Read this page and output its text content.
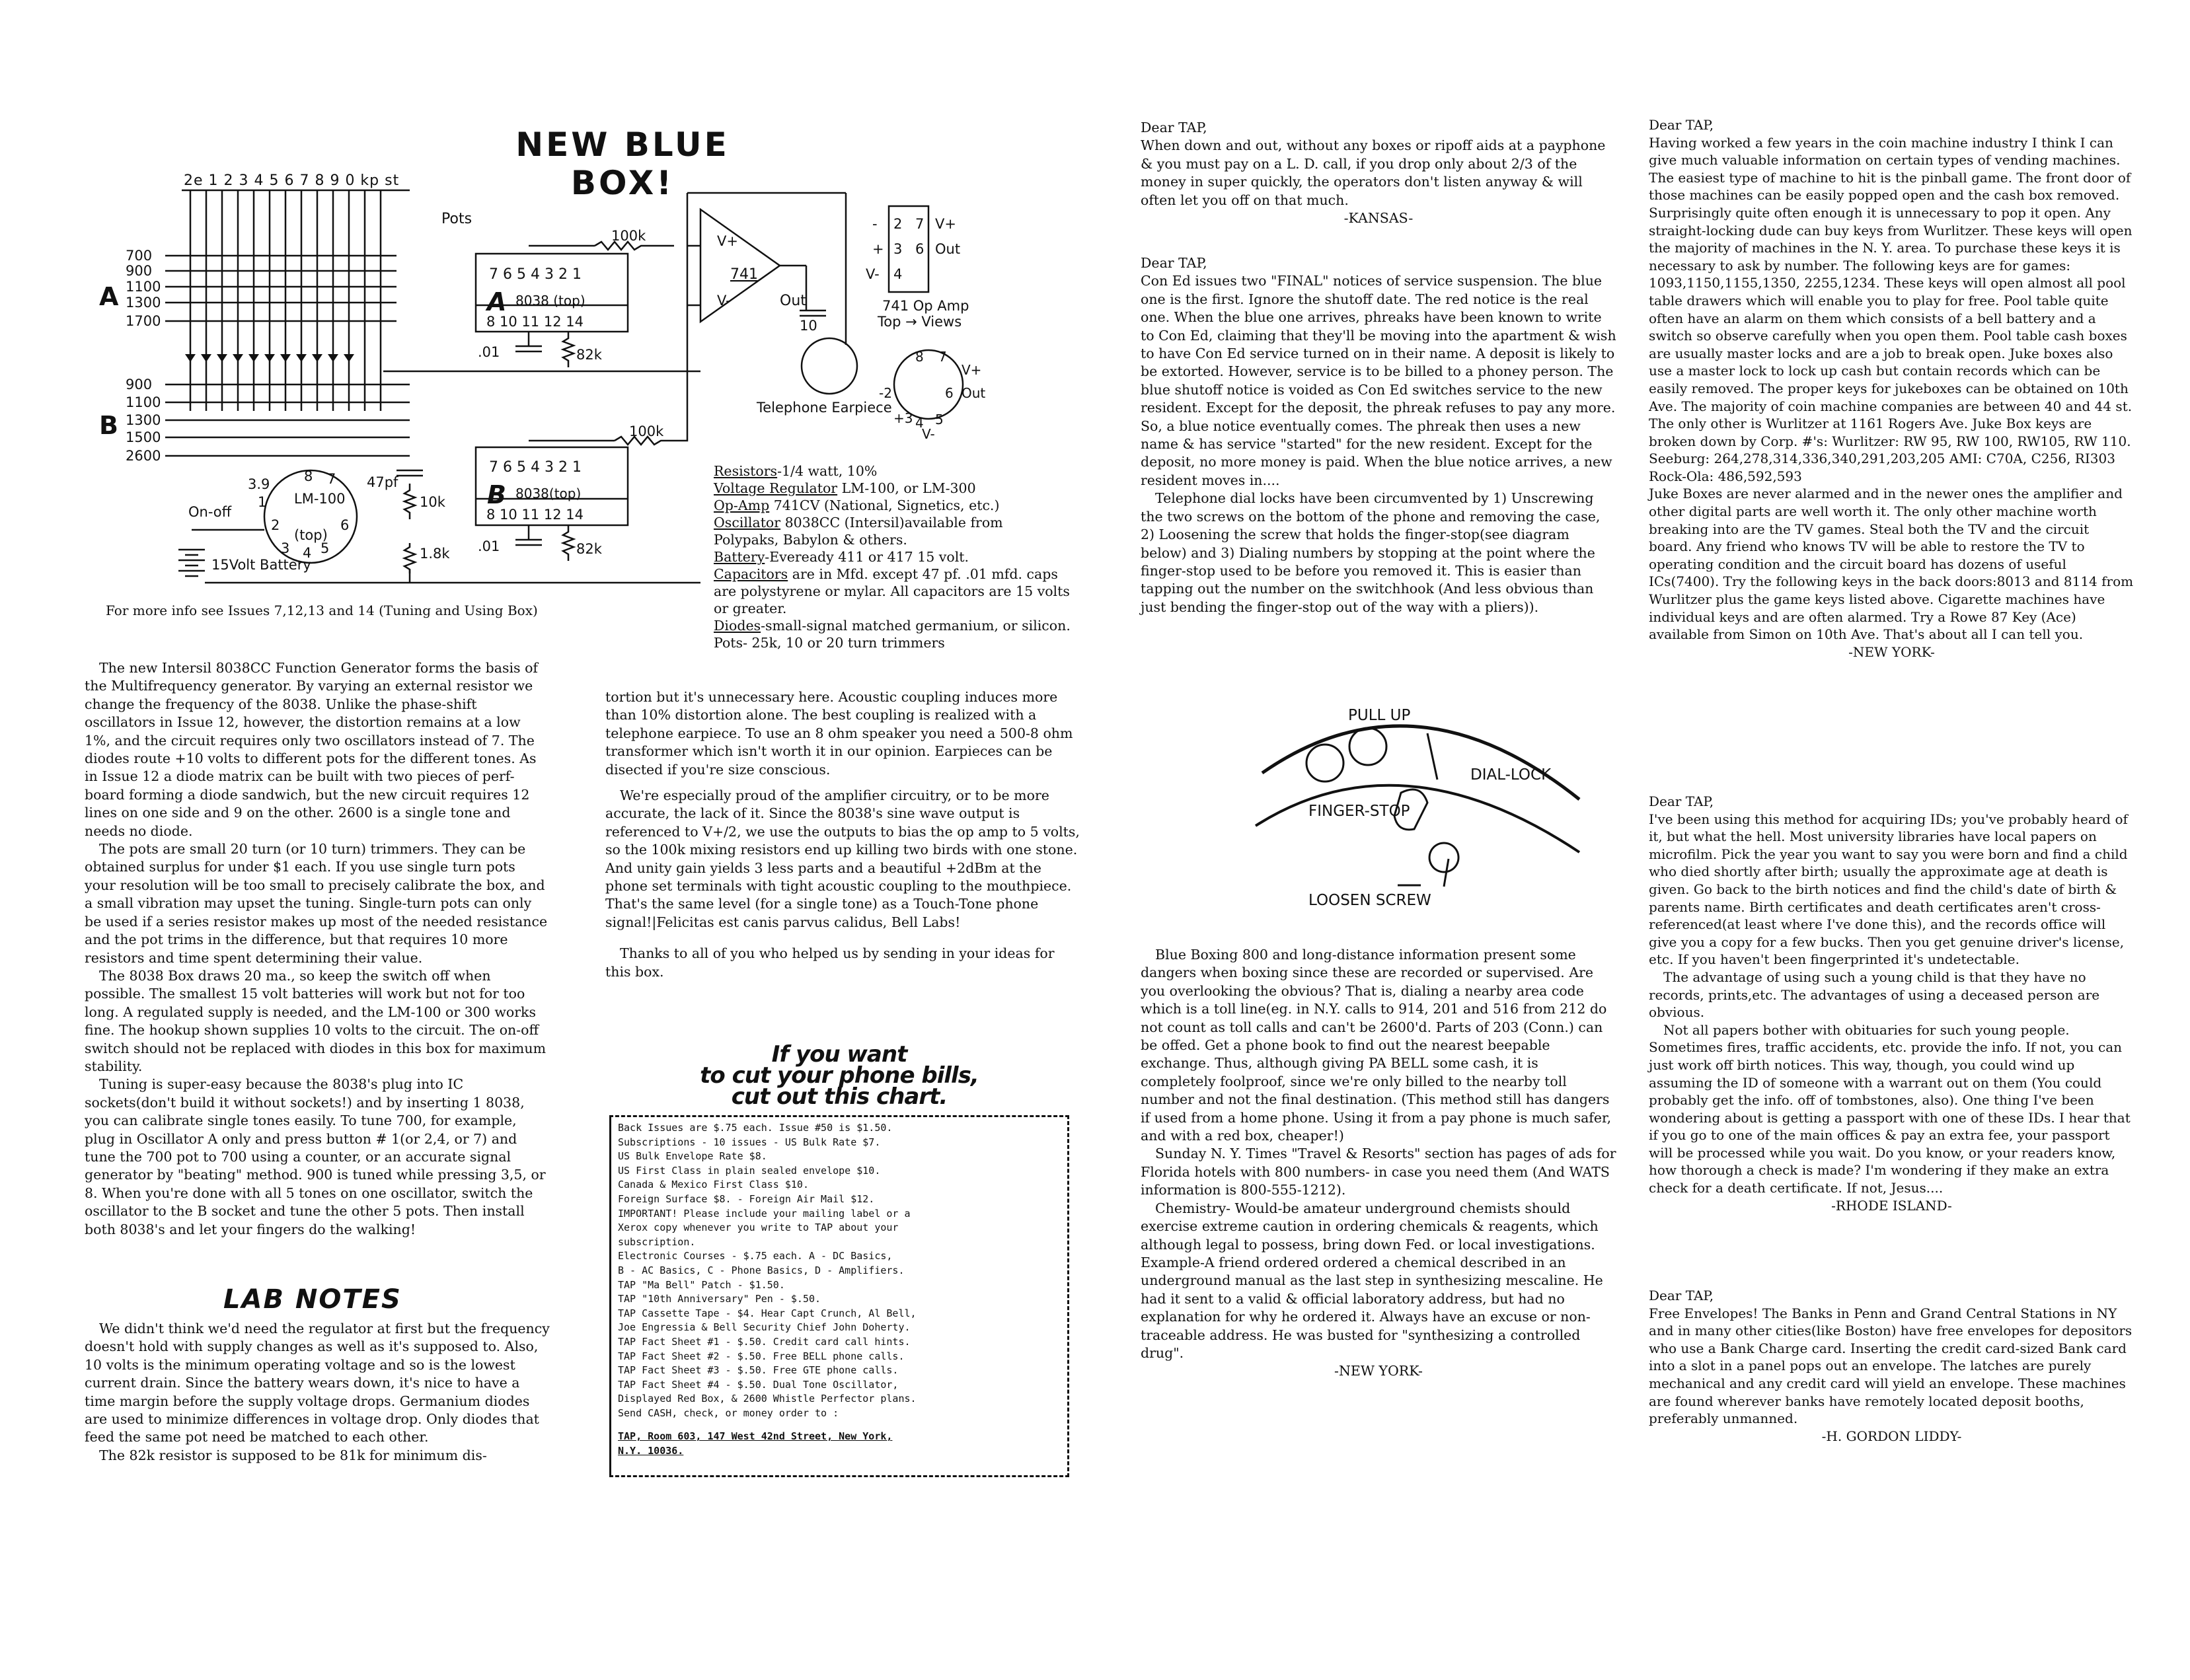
NEW BLUE BOX!
2e 1 2 3 4 5 6 7 8 9 0 kp st
700
900
1100
1300
1700
900
1100
1300
1500
2600
A
B
Pots
7 6 5 4 3 2 1
A 8038 (top)
8 10 11 12 14
100k	V+
V-
741
Out
10
Telephone Earpiece
.01	82k
- 2
+ 3
V- 4
7 V+
6 Out
741 Op Amp
Top → Views
8 7
V+
-2	6 Out
+3 4 5
V-
7 6 5 4 3 2 1
B 8038(top)
8 10 11 12 14
100k
.01	82k
LM-100
(top)
1
8 7
2	6
3 4 5
3.9	47pf
10k
1.8k
On-off
15Volt Battery
For more info see Issues 7,12,13 and 14 (Tuning and Using Box)
Resistors-1/4 watt, 10%
Voltage Regulator LM-100, or LM-300
Op-Amp 741CV (National, Signetics, etc.)
Oscillator 8038CC (Intersil)available from Polypaks, Babylon & others.
Battery-Eveready 411 or 417 15 volt.
Capacitors are in Mfd. except 47 pf. .01 mfd. caps are polystyrene or mylar. All capacitors are 15 volts or greater.
Diodes-small-signal matched germanium, or silicon.
Pots- 25k, 10 or 20 turn trimmers

The new Intersil 8038CC Function Generator forms the basis of the Multifrequency generator. By varying an external resistor we change the frequency of the 8038. Unlike the phase-shift oscillators in Issue 12, however, the distortion remains at a low 1%, and the circuit requires only two oscillators instead of 7. The diodes route +10 volts to different pots for the different tones. As in Issue 12 a diode matrix can be built with two pieces of perf-board forming a diode sandwich, but the new circuit requires 12 lines on one side and 9 on the other. 2600 is a single tone and needs no diode.

The pots are small 20 turn (or 10 turn) trimmers. They can be obtained surplus for under $1 each. If you use single turn pots your resolution will be too small to precisely calibrate the box, and a small vibration may upset the tuning. Single-turn pots can only be used if a series resistor makes up most of the needed resistance and the pot trims in the difference, but that requires 10 more resistors and time spent determining their value.

The 8038 Box draws 20 ma., so keep the switch off when possible. The smallest 15 volt batteries will work but not for too long. A regulated supply is needed, and the LM-100 or 300 works fine. The hookup shown supplies 10 volts to the circuit. The on-off switch should not be replaced with diodes in this box for maximum stability.

Tuning is super-easy because the 8038's plug into IC sockets(don't build it without sockets!) and by inserting 1 8038, you can calibrate single tones easily. To tune 700, for example, plug in Oscillator A only and press button # 1(or 2,4, or 7) and tune the 700 pot to 700 using a counter, or an accurate signal generator by "beating" method. 900 is tuned while pressing 3,5, or 8. When you're done with all 5 tones on one oscillator, switch the oscillator to the B socket and tune the other 5 pots. Then install both 8038's and let your fingers do the walking!

LAB NOTES

We didn't think we'd need the regulator at first but the frequency doesn't hold with supply changes as well as it's supposed to. Also, 10 volts is the minimum operating voltage and so is the lowest current drain. Since the battery wears down, it's nice to have a time margin before the supply voltage drops. Germanium diodes are used to minimize differences in voltage drop. Only diodes that feed the same pot need be matched to each other.

The 82k resistor is supposed to be 81k for minimum dis-

tortion but it's unnecessary here. Acoustic coupling induces more than 10% distortion alone. The best coupling is realized with a telephone earpiece. To use an 8 ohm speaker you need a 500-8 ohm transformer which isn't worth it in our opinion. Earpieces can be disected if you're size conscious.

We're especially proud of the amplifier circuitry, or to be more accurate, the lack of it. Since the 8038's sine wave output is referenced to V+/2, we use the outputs to bias the op amp to 5 volts, so the 100k mixing resistors end up killing two birds with one stone. And unity gain yields 3 less parts and a beautiful +2dBm at the phone set terminals with tight acoustic coupling to the mouthpiece. That's the same level (for a single tone) as a Touch-Tone phone signal!|Felicitas est canis parvus calidus, Bell Labs!

Thanks to all of you who helped us by sending in your ideas for this box.

If you want
to cut your phone bills,
cut out this chart.
Back Issues are $.75 each. Issue #50 is $1.50.
Subscriptions - 10 issues - US Bulk Rate $7.
US Bulk Envelope Rate $8.
US First Class in plain sealed envelope $10.
Canada & Mexico First Class $10.
Foreign Surface $8. - Foreign Air Mail $12.
IMPORTANT! Please include your mailing label or a
Xerox copy whenever you write to TAP about your
subscription.
Electronic Courses - $.75 each. A - DC Basics,
B - AC Basics, C - Phone Basics, D - Amplifiers.
TAP "Ma Bell" Patch - $1.50.
TAP "10th Anniversary" Pen - $.50.
TAP Cassette Tape - $4. Hear Capt Crunch, Al Bell,
Joe Engressia & Bell Security Chief John Doherty.
TAP Fact Sheet #1 - $.50. Credit card call hints.
TAP Fact Sheet #2 - $.50. Free BELL phone calls.
TAP Fact Sheet #3 - $.50. Free GTE phone calls.
TAP Fact Sheet #4 - $.50. Dual Tone Oscillator,
Displayed Red Box, & 2600 Whistle Perfector plans.
Send CASH, check, or money order to :
TAP, Room 603, 147 West 42nd Street, New York,
N.Y. 10036.

Dear TAP,

When down and out, without any boxes or ripoff aids at a payphone & you must pay on a L. D. call, if you drop only about 2/3 of the money in super quickly, the operators don't listen anyway & will often let you off on that much.

-KANSAS-

Dear TAP,

Con Ed issues two "FINAL" notices of service suspension. The blue one is the first. Ignore the shutoff date. The red notice is the real one. When the blue one arrives, phreaks have been known to write to Con Ed, claiming that they'll be moving into the apartment & wish to have Con Ed service turned on in their name. A deposit is likely to be extorted. However, service is to be billed to a phoney person. The blue shutoff notice is voided as Con Ed switches service to the new resident. Except for the deposit, the phreak refuses to pay any more. So, a blue notice eventually comes. The phreak then uses a new name & has service "started" for the new resident. Except for the deposit, no more money is paid. When the blue notice arrives, a new resident moves in....

Telephone dial locks have been circumvented by 1) Unscrewing the two screws on the bottom of the phone and removing the case, 2) Loosening the screw that holds the finger-stop(see diagram below) and 3) Dialing numbers by stopping at the point where the finger-stop used to be before you removed it. This is easier than tapping out the number on the switchhook (And less obvious than just bending the finger-stop out of the way with a pliers)).

PULL UP
DIAL-LOCK
FINGER-STOP
LOOSEN SCREW

Blue Boxing 800 and long-distance information present some dangers when boxing since these are recorded or supervised. Are you overlooking the obvious? That is, dialing a nearby area code which is a toll line(eg. in N.Y. calls to 914, 201 and 516 from 212 do not count as toll calls and can't be 2600'd. Parts of 203 (Conn.) can be offed. Get a phone book to find out the nearest beepable exchange. Thus, although giving PA BELL some cash, it is completely foolproof, since we're only billed to the nearby toll number and not the final destination. (This method still has dangers if used from a home phone. Using it from a pay phone is much safer, and with a red box, cheaper!)

Sunday N. Y. Times "Travel & Resorts" section has pages of ads for Florida hotels with 800 numbers- in case you need them (And WATS information is 800-555-1212).

Chemistry- Would-be amateur underground chemists should exercise extreme caution in ordering chemicals & reagents, which although legal to possess, bring down Fed. or local investigations. Example-A friend ordered ordered a chemical described in an underground manual as the last step in synthesizing mescaline. He had it sent to a valid & official laboratory address, but had no explanation for why he ordered it. Always have an excuse or non-traceable address. He was busted for "synthesizing a controlled drug".

-NEW YORK-

Dear TAP,

Having worked a few years in the coin machine industry I think I can give much valuable information on certain types of vending machines. The easiest type of machine to hit is the pinball game. The front door of those machines can be easily popped open and the cash box removed. Surprisingly quite often enough it is unnecessary to pop it open. Any straight-locking dude can buy keys from Wurlitzer. These keys will open the majority of machines in the N. Y. area. To purchase these keys it is necessary to ask by number. The following keys are for games: 1093,1150,1155,1350, 2255,1234. These keys will open almost all pool table drawers which will enable you to play for free. Pool table quite often have an alarm on them which consists of a bell battery and a switch so observe carefully when you open them. Pool table cash boxes are usually master locks and are a job to break open. Juke boxes also use a master lock to lock up cash but contain records which can be easily removed. The proper keys for jukeboxes can be obtained on 10th Ave. The majority of coin machine companies are between 40 and 44 st. The only other is Wurlitzer at 1161 Rogers Ave. Juke Box keys are broken down by Corp. #'s: Wurlitzer: RW 95, RW 100, RW105, RW 110. Seeburg: 264,278,314,336,340,291,203,205 AMI: C70A, C256, RI303 Rock-Ola: 486,592,593

Juke Boxes are never alarmed and in the newer ones the amplifier and other digital parts are well worth it. The only other machine worth breaking into are the TV games. Steal both the TV and the circuit board. Any friend who knows TV will be able to restore the TV to operating condition and the circuit board has dozens of useful ICs(7400). Try the following keys in the back doors:8013 and 8114 from Wurlitzer plus the game keys listed above. Cigarette machines have individual keys and are often alarmed. Try a Rowe 87 Key (Ace) available from Simon on 10th Ave. That's about all I can tell you.

-NEW YORK-

Dear TAP,

I've been using this method for acquiring IDs; you've probably heard of it, but what the hell. Most university libraries have local papers on microfilm. Pick the year you want to say you were born and find a child who died shortly after birth; usually the approximate age at death is given. Go back to the birth notices and find the child's date of birth & parents name. Birth certificates and death certificates aren't cross-referenced(at least where I've done this), and the records office will give you a copy for a few bucks. Then you get genuine driver's license, etc. If you haven't been fingerprinted it's undetectable.

The advantage of using such a young child is that they have no records, prints,etc. The advantages of using a deceased person are obvious.

Not all papers bother with obituaries for such young people. Sometimes fires, traffic accidents, etc. provide the info. If not, you can just work off birth notices. This way, though, you could wind up assuming the ID of someone with a warrant out on them (You could probably get the info. off of tombstones, also). One thing I've been wondering about is getting a passport with one of these IDs. I hear that if you go to one of the main offices & pay an extra fee, your passport will be processed while you wait. Do you know, or your readers know, how thorough a check is made? I'm wondering if they make an extra check for a death certificate. If not, Jesus....

-RHODE ISLAND-

Dear TAP,

Free Envelopes! The Banks in Penn and Grand Central Stations in NY and in many other cities(like Boston) have free envelopes for depositors who use a Bank Charge card. Inserting the credit card-sized Bank card into a slot in a panel pops out an envelope. The latches are purely mechanical and any credit card will yield an envelope. These machines are found wherever banks have remotely located deposit booths, preferably unmanned.

-H. GORDON LIDDY-
